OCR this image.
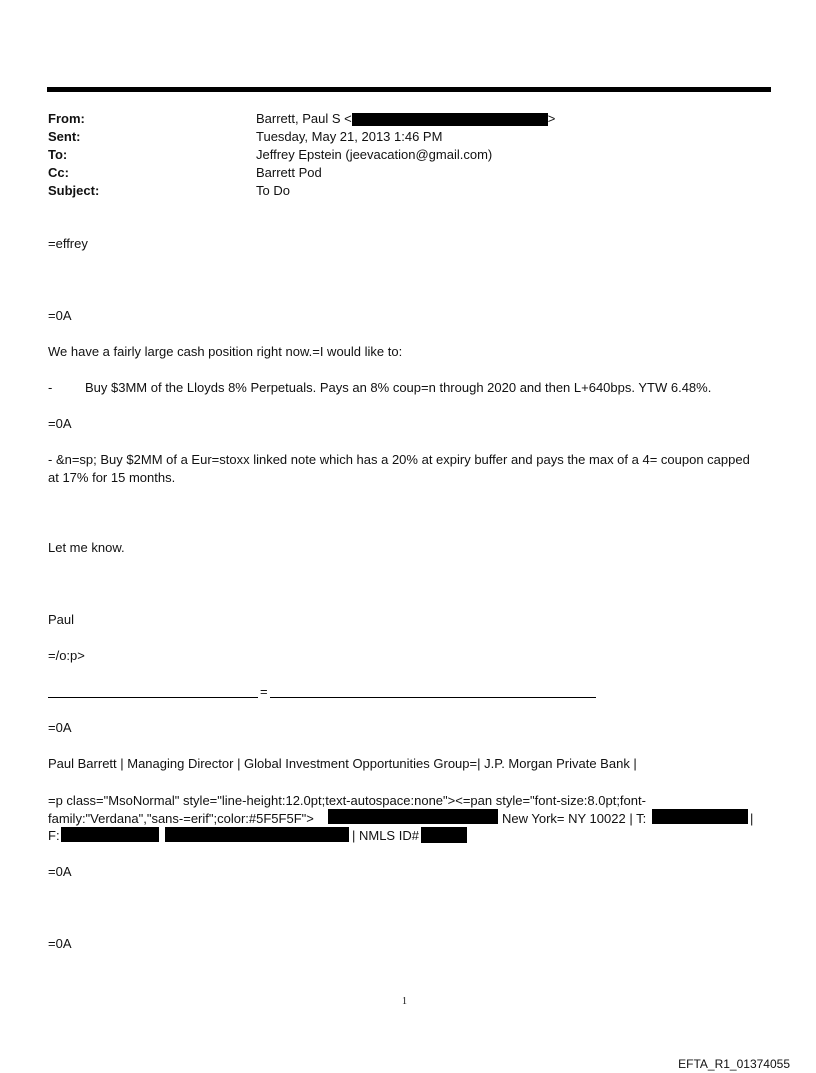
From:	Barrett, Paul S <	>
Sent:	Tuesday, May 21, 2013 1:46 PM
To:	Jeffrey Epstein (jeevacation@gmail.com)
Cc:	Barrett Pod
Subject:	To Do
=effrey
=0A
We have a fairly large cash position right now.=I would like to:
-	Buy $3MM of the Lloyds 8% Perpetuals. Pays an 8% coup=n through 2020 and then L+640bps. YTW 6.48%.
=0A
- &n=sp; Buy $2MM of a Eur=stoxx linked note which has a 20% at expiry buffer and pays the max of a 4= coupon capped at 17% for 15 months.
Let me know.
Paul
=/o:p>
=
=0A
Paul Barrett | Managing Director | Global Investment Opportunities Group=| J.P. Morgan Private Bank |
=p class="MsoNormal" style="line-height:12.0pt;text-autospace:none"><=pan style="font-size:8.0pt;font-
family:"Verdana","sans-=erif";color:#5F5F5F">	New York= NY 10022 | T:	|
F:	| NMLS ID#
=0A
=0A
1
EFTA_R1_01374055
